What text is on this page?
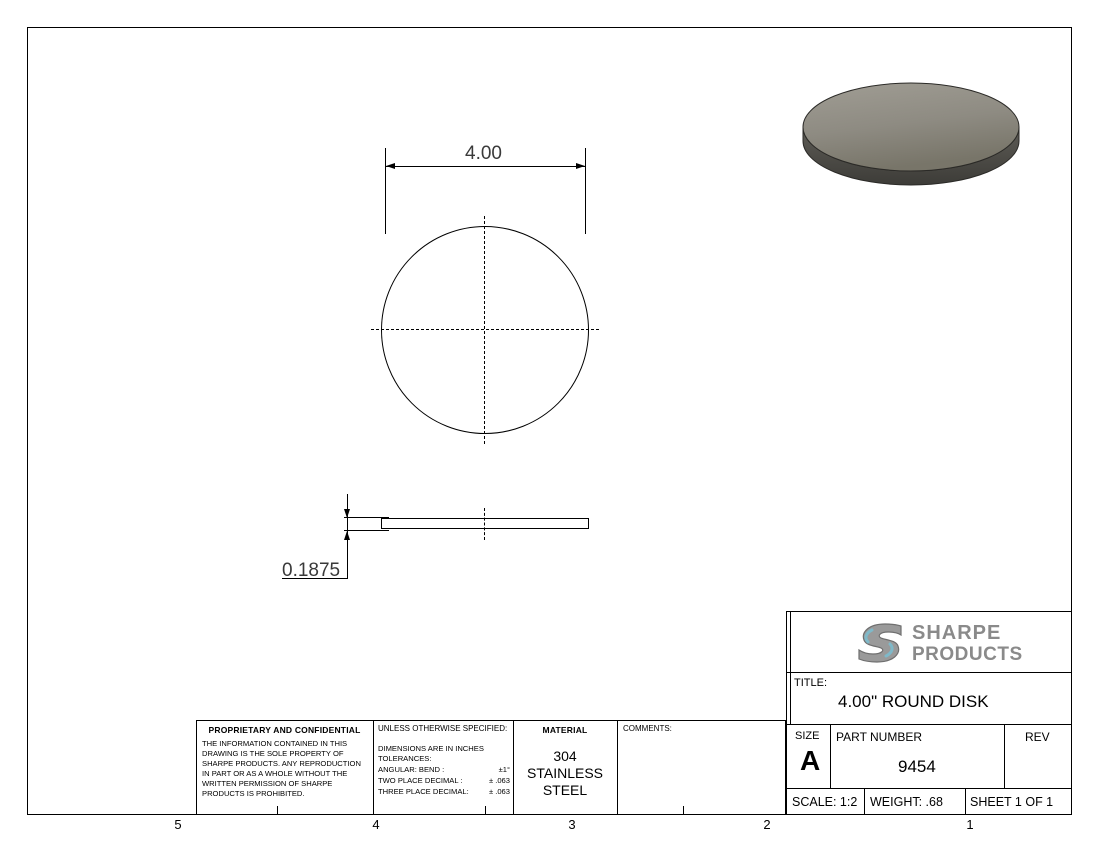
5	4	3	2	1
4.00
0.1875
SHARPE
PRODUCTS
TITLE:
4.00" ROUND DISK
SIZE
A
PART NUMBER
9454
REV
SCALE: 1:2 WEIGHT: .68 SHEET 1 OF 1
PROPRIETARY AND CONFIDENTIAL
THE INFORMATION CONTAINED IN THIS DRAWING IS THE SOLE PROPERTY OF SHARPE PRODUCTS. ANY REPRODUCTION IN PART OR AS A WHOLE WITHOUT THE WRITTEN PERMISSION OF SHARPE PRODUCTS IS PROHIBITED.
UNLESS OTHERWISE SPECIFIED:
DIMENSIONS ARE IN INCHES
TOLERANCES:
ANGULAR: BEND :	±1°
TWO PLACE DECIMAL :	± .063
THREE PLACE DECIMAL:	± .063
MATERIAL
304
STAINLESS
STEEL
COMMENTS:
